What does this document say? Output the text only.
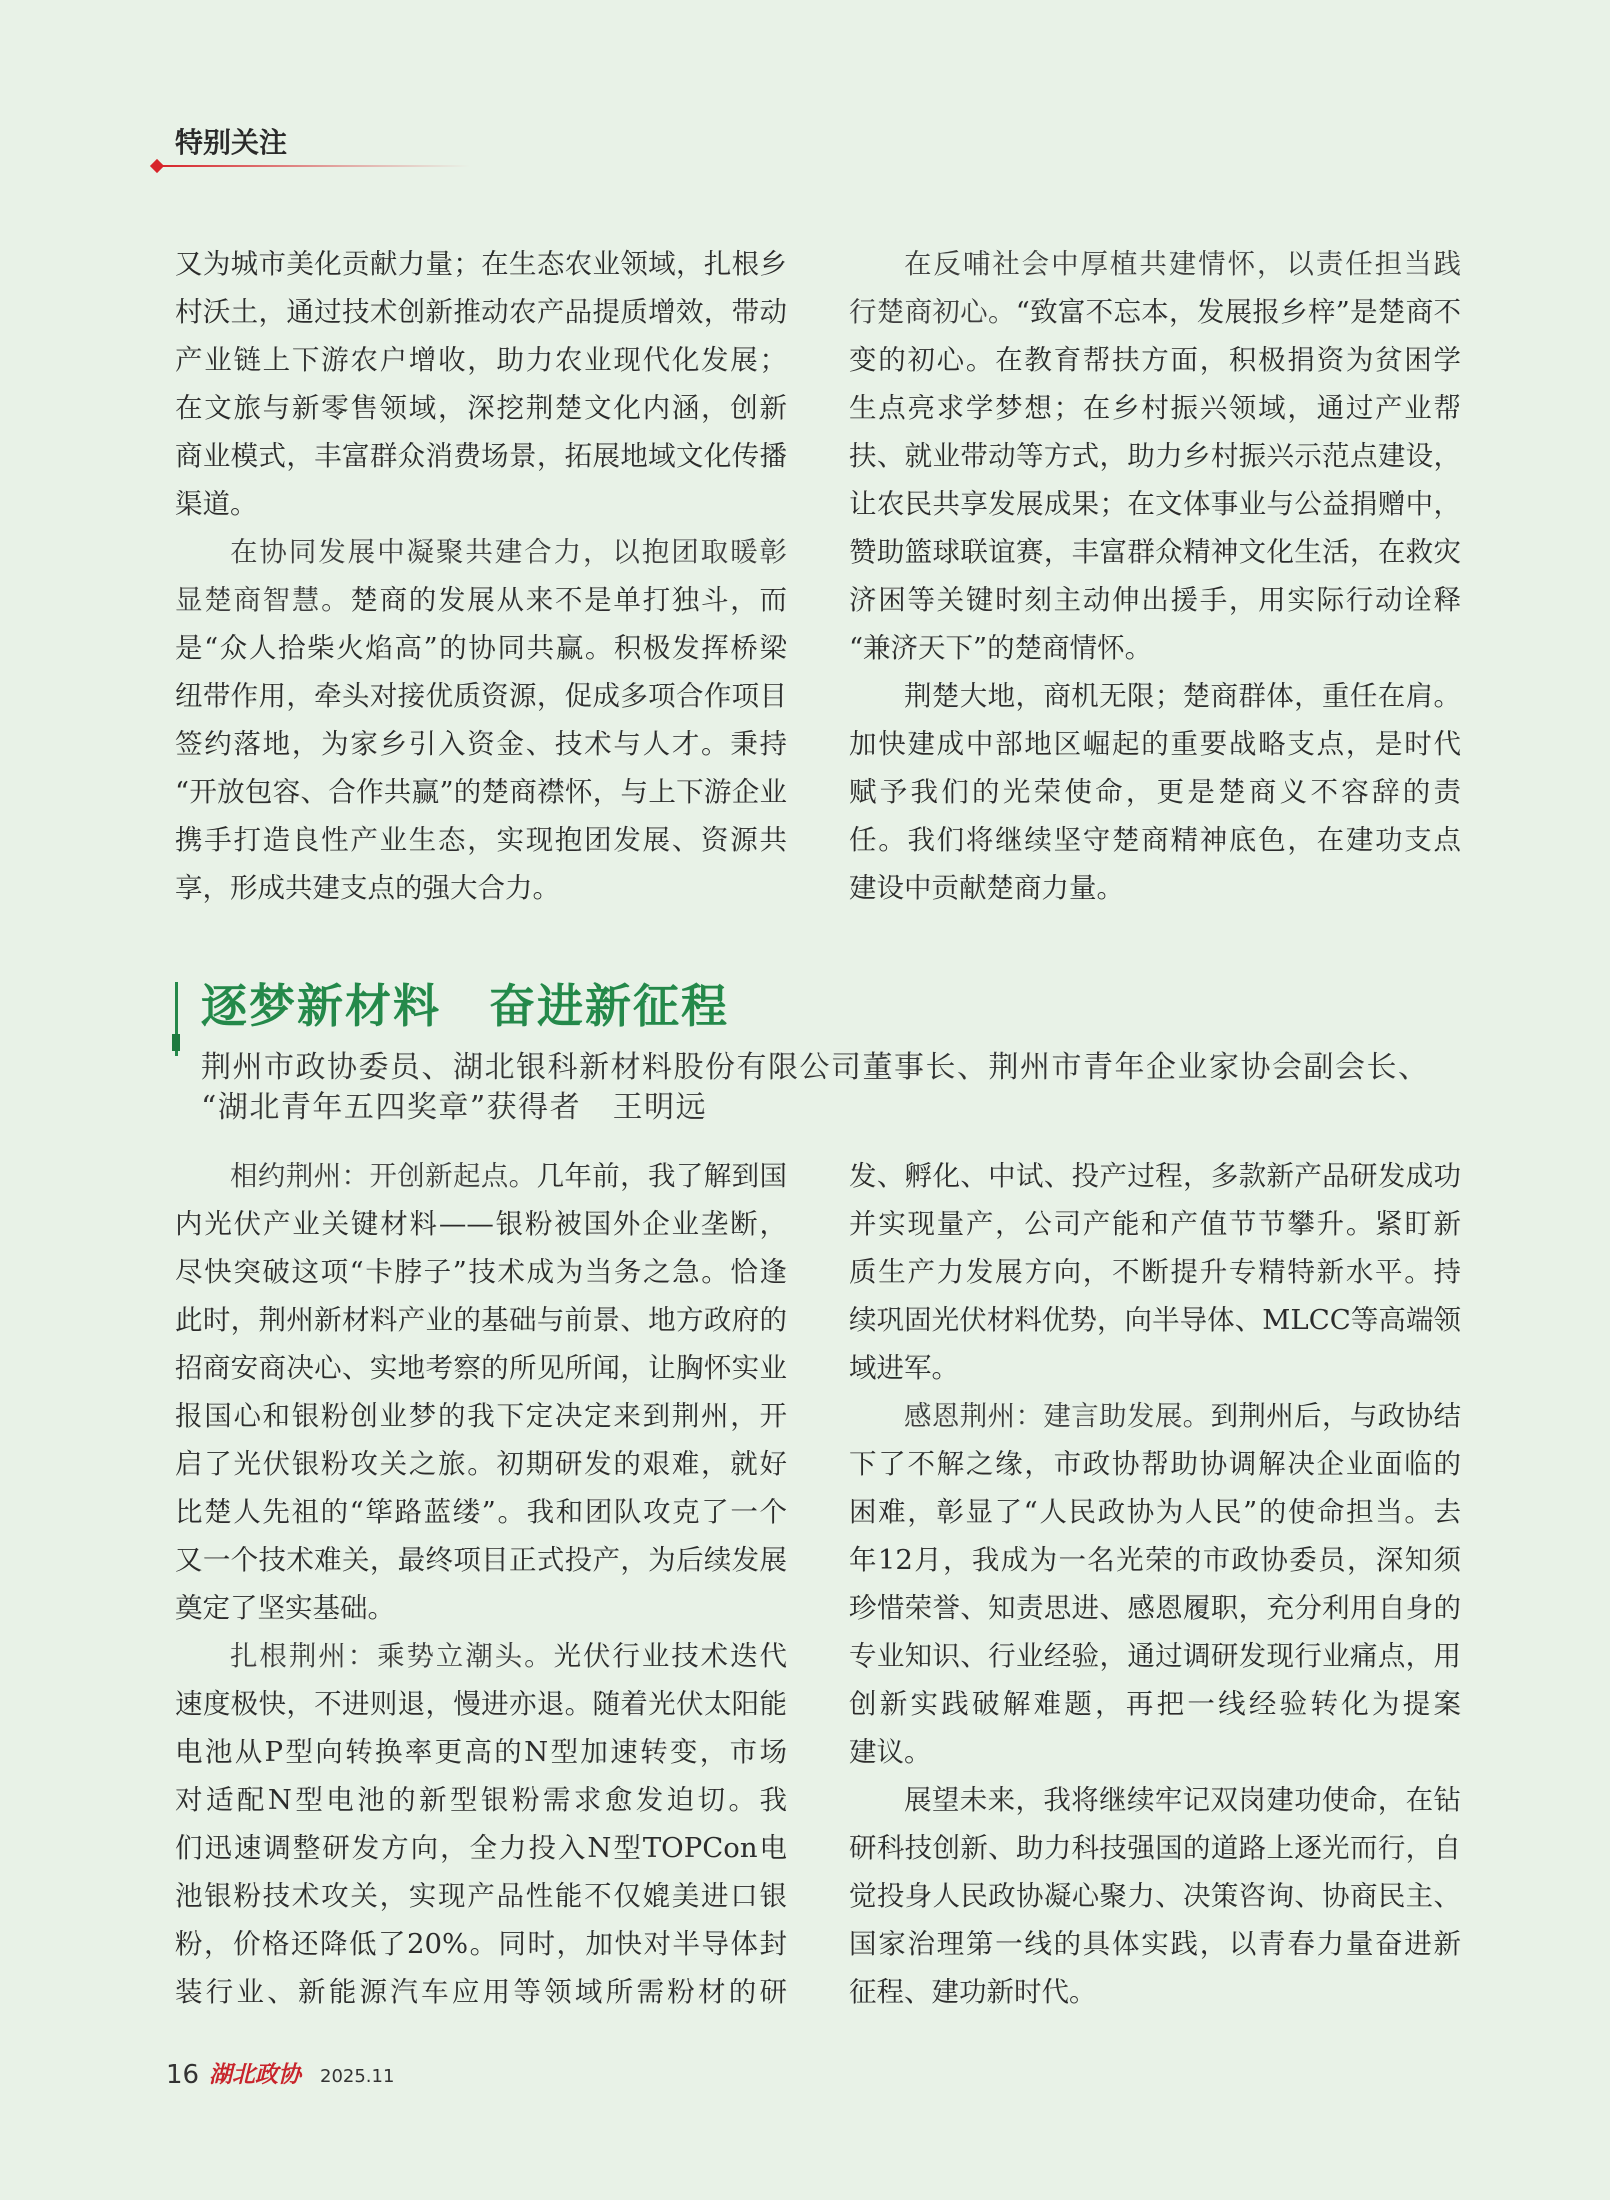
特别关注
又为城市美化贡献力量；在生态农业领域，扎根乡
村沃土，通过技术创新推动农产品提质增效，带动
产业链上下游农户增收，助力农业现代化发展；
在文旅与新零售领域，深挖荆楚文化内涵，创新
商业模式，丰富群众消费场景，拓展地域文化传播
渠道。
在协同发展中凝聚共建合力，以抱团取暖彰
显楚商智慧。楚商的发展从来不是单打独斗，而
是“众人拾柴火焰高”的协同共赢。积极发挥桥梁
纽带作用，牵头对接优质资源，促成多项合作项目
签约落地，为家乡引入资金、技术与人才。秉持
“开放包容、合作共赢”的楚商襟怀，与上下游企业
携手打造良性产业生态，实现抱团发展、资源共
享，形成共建支点的强大合力。
在反哺社会中厚植共建情怀，以责任担当践
行楚商初心。“致富不忘本，发展报乡梓”是楚商不
变的初心。在教育帮扶方面，积极捐资为贫困学
生点亮求学梦想；在乡村振兴领域，通过产业帮
扶、就业带动等方式，助力乡村振兴示范点建设，
让农民共享发展成果；在文体事业与公益捐赠中，
赞助篮球联谊赛，丰富群众精神文化生活，在救灾
济困等关键时刻主动伸出援手，用实际行动诠释
“兼济天下”的楚商情怀。
荆楚大地，商机无限；楚商群体，重任在肩。
加快建成中部地区崛起的重要战略支点，是时代
赋予我们的光荣使命，更是楚商义不容辞的责
任。我们将继续坚守楚商精神底色，在建功支点
建设中贡献楚商力量。
逐梦新材料　奋进新征程
荆州市政协委员、湖北银科新材料股份有限公司董事长、荆州市青年企业家协会副会长、
“湖北青年五四奖章”获得者　王明远
相约荆州：开创新起点。几年前，我了解到国
内光伏产业关键材料——银粉被国外企业垄断，
尽快突破这项“卡脖子”技术成为当务之急。恰逢
此时，荆州新材料产业的基础与前景、地方政府的
招商安商决心、实地考察的所见所闻，让胸怀实业
报国心和银粉创业梦的我下定决定来到荆州，开
启了光伏银粉攻关之旅。初期研发的艰难，就好
比楚人先祖的“筚路蓝缕”。我和团队攻克了一个
又一个技术难关，最终项目正式投产，为后续发展
奠定了坚实基础。
扎根荆州：乘势立潮头。光伏行业技术迭代
速度极快，不进则退，慢进亦退。随着光伏太阳能
电池从P型向转换率更高的N型加速转变，市场
对适配N型电池的新型银粉需求愈发迫切。我
们迅速调整研发方向，全力投入N型TOPCon电
池银粉技术攻关，实现产品性能不仅媲美进口银
粉，价格还降低了20%。同时，加快对半导体封
装行业、新能源汽车应用等领域所需粉材的研
发、孵化、中试、投产过程，多款新产品研发成功
并实现量产，公司产能和产值节节攀升。紧盯新
质生产力发展方向，不断提升专精特新水平。持
续巩固光伏材料优势，向半导体、MLCC等高端领
域进军。
感恩荆州：建言助发展。到荆州后，与政协结
下了不解之缘，市政协帮助协调解决企业面临的
困难，彰显了“人民政协为人民”的使命担当。去
年12月，我成为一名光荣的市政协委员，深知须
珍惜荣誉、知责思进、感恩履职，充分利用自身的
专业知识、行业经验，通过调研发现行业痛点，用
创新实践破解难题，再把一线经验转化为提案
建议。
展望未来，我将继续牢记双岗建功使命，在钻
研科技创新、助力科技强国的道路上逐光而行，自
觉投身人民政协凝心聚力、决策咨询、协商民主、
国家治理第一线的具体实践，以青春力量奋进新
征程、建功新时代。
16 湖北政协 2025.11
